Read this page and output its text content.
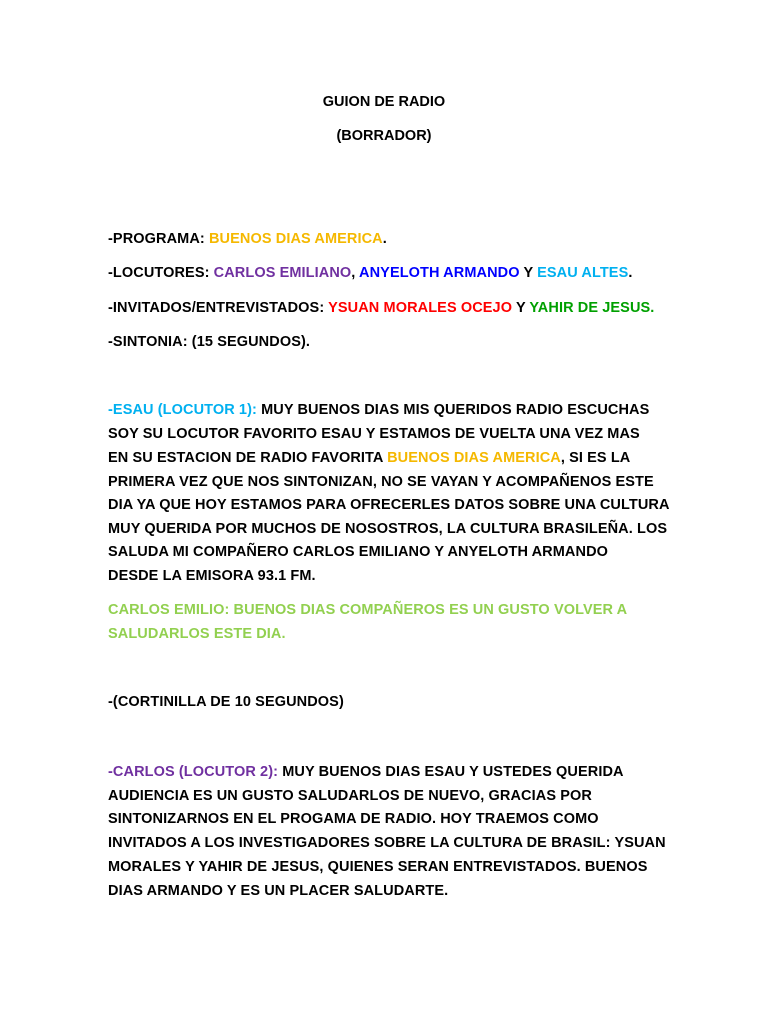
GUION DE RADIO
(BORRADOR)
-PROGRAMA: BUENOS DIAS AMERICA.
-LOCUTORES: CARLOS EMILIANO, ANYELOTH ARMANDO Y ESAU ALTES.
-INVITADOS/ENTREVISTADOS: YSUAN MORALES OCEJO Y YAHIR DE JESUS.
-SINTONIA: (15 SEGUNDOS).
-ESAU (LOCUTOR 1): MUY BUENOS DIAS MIS QUERIDOS RADIO ESCUCHAS
SOY SU LOCUTOR FAVORITO ESAU Y ESTAMOS DE VUELTA UNA VEZ MAS
EN SU ESTACION DE RADIO FAVORITA BUENOS DIAS AMERICA, SI ES LA
PRIMERA VEZ QUE NOS SINTONIZAN, NO SE VAYAN Y ACOMPAÑENOS ESTE
DIA YA QUE HOY ESTAMOS PARA OFRECERLES DATOS SOBRE UNA CULTURA
MUY QUERIDA POR MUCHOS DE NOSOSTROS, LA CULTURA BRASILEÑA. LOS
SALUDA MI COMPAÑERO CARLOS EMILIANO Y ANYELOTH ARMANDO
DESDE LA EMISORA 93.1 FM.
CARLOS EMILIO: BUENOS DIAS COMPAÑEROS ES UN GUSTO VOLVER A
SALUDARLOS ESTE DIA.
-(CORTINILLA DE 10 SEGUNDOS)
-CARLOS (LOCUTOR 2): MUY BUENOS DIAS ESAU Y USTEDES QUERIDA
AUDIENCIA ES UN GUSTO SALUDARLOS DE NUEVO, GRACIAS POR
SINTONIZARNOS EN EL PROGAMA DE RADIO. HOY TRAEMOS COMO
INVITADOS A LOS INVESTIGADORES SOBRE LA CULTURA DE BRASIL: YSUAN
MORALES Y YAHIR DE JESUS, QUIENES SERAN ENTREVISTADOS. BUENOS
DIAS ARMANDO Y ES UN PLACER SALUDARTE.
